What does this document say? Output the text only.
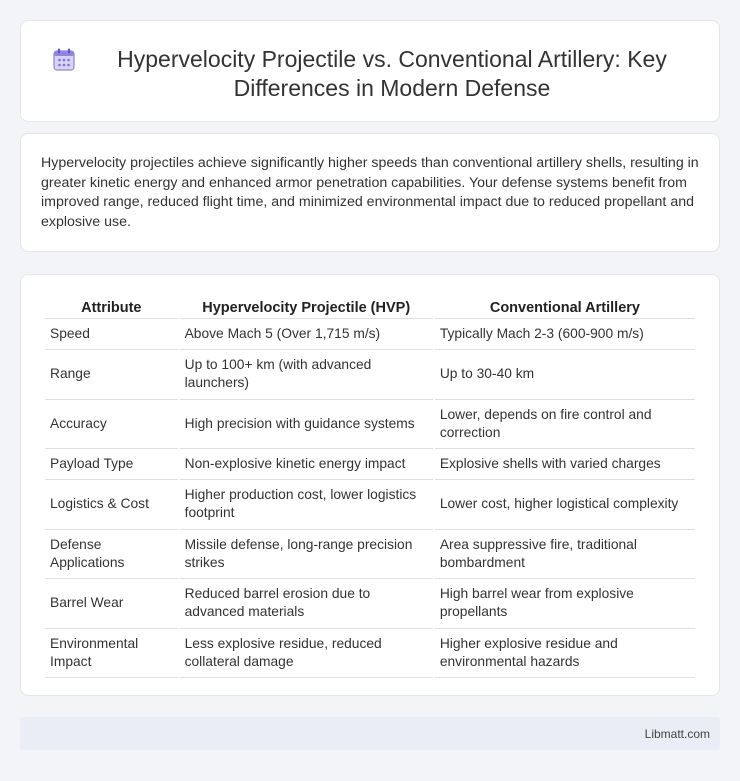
Hypervelocity Projectile vs. Conventional Artillery: Key Differences in Modern Defense

Hypervelocity projectiles achieve significantly higher speeds than conventional artillery shells, resulting in greater kinetic energy and enhanced armor penetration capabilities. Your defense systems benefit from improved range, reduced flight time, and minimized environmental impact due to reduced propellant and explosive use.

Attribute	Hypervelocity Projectile (HVP)	Conventional Artillery
Speed	Above Mach 5 (Over 1,715 m/s)	Typically Mach 2-3 (600-900 m/s)
Range	Up to 100+ km (with advanced launchers)	Up to 30-40 km
Accuracy	High precision with guidance systems	Lower, depends on fire control and correction
Payload Type	Non-explosive kinetic energy impact	Explosive shells with varied charges
Logistics & Cost	Higher production cost, lower logistics footprint	Lower cost, higher logistical complexity
Defense Applications	Missile defense, long-range precision strikes	Area suppressive fire, traditional bombardment
Barrel Wear	Reduced barrel erosion due to advanced materials	High barrel wear from explosive propellants
Environmental Impact	Less explosive residue, reduced collateral damage	Higher explosive residue and environmental hazards
Libmatt.com
